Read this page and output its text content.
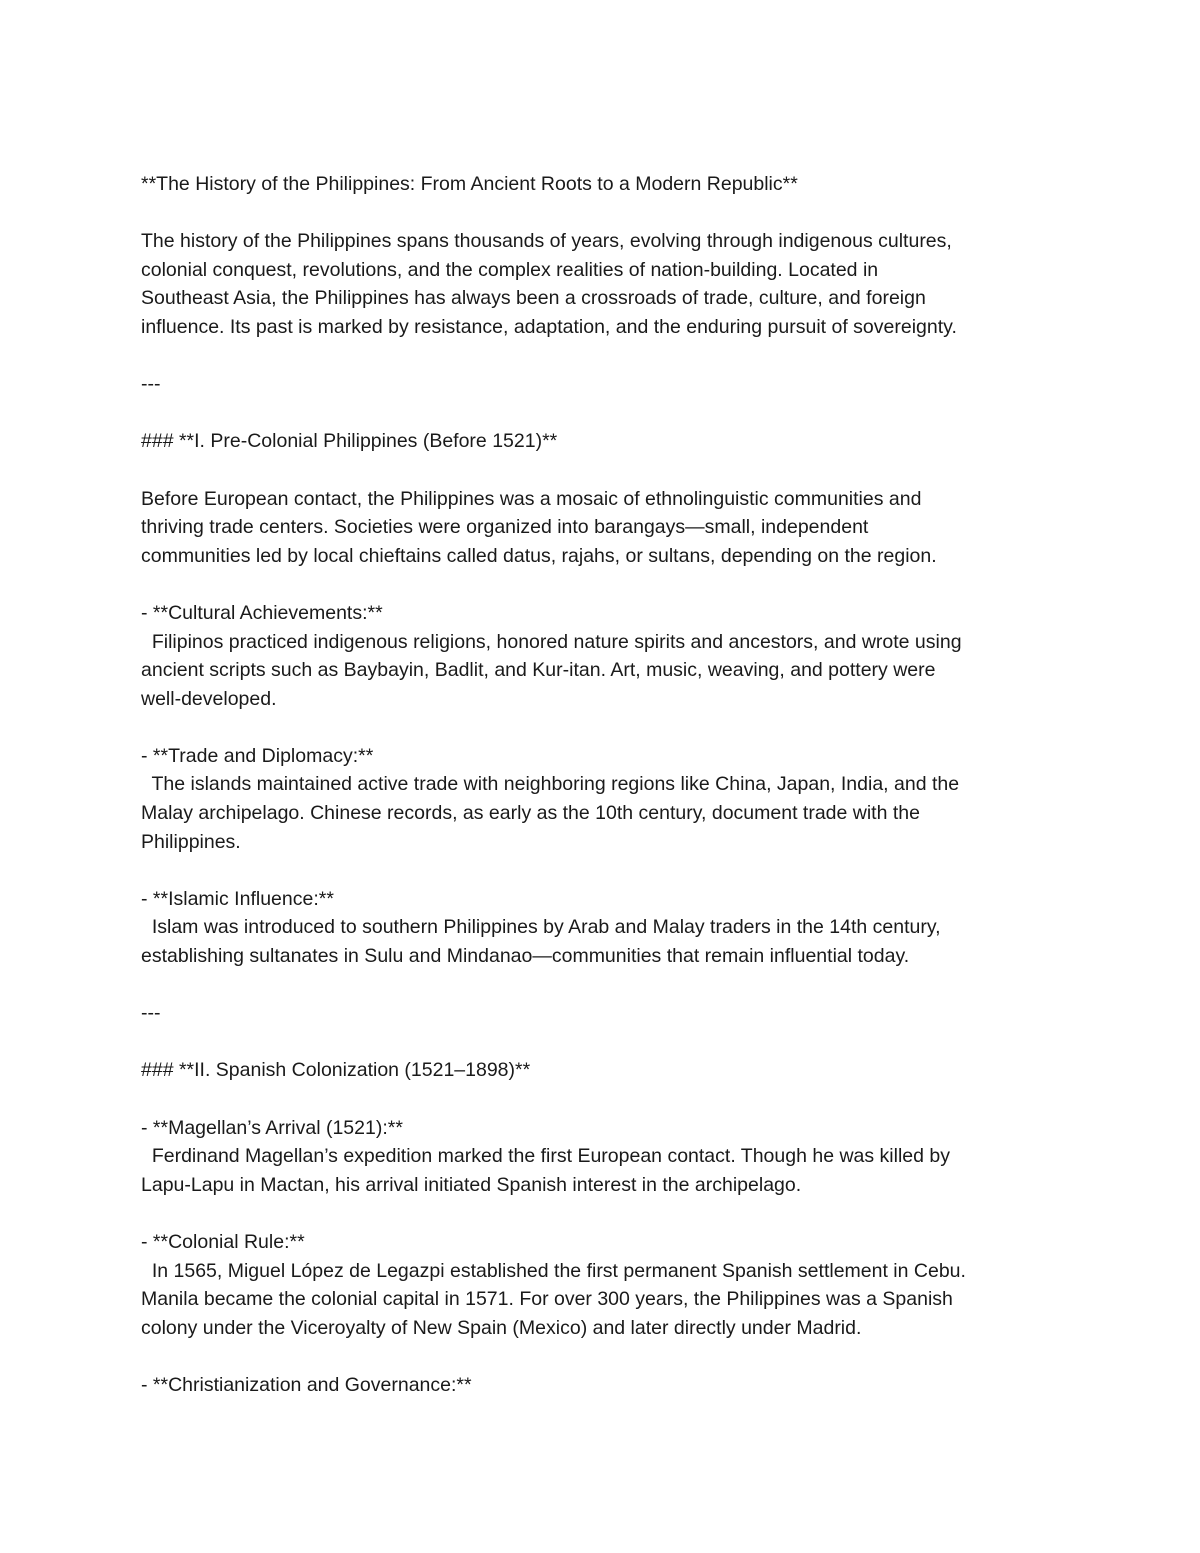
**The History of the Philippines: From Ancient Roots to a Modern Republic**
The history of the Philippines spans thousands of years, evolving through indigenous cultures,
colonial conquest, revolutions, and the complex realities of nation-building. Located in
Southeast Asia, the Philippines has always been a crossroads of trade, culture, and foreign
influence. Its past is marked by resistance, adaptation, and the enduring pursuit of sovereignty.
---
### **I. Pre-Colonial Philippines (Before 1521)**
Before European contact, the Philippines was a mosaic of ethnolinguistic communities and
thriving trade centers. Societies were organized into barangays—small, independent
communities led by local chieftains called datus, rajahs, or sultans, depending on the region.
- **Cultural Achievements:**
Filipinos practiced indigenous religions, honored nature spirits and ancestors, and wrote using
ancient scripts such as Baybayin, Badlit, and Kur-itan. Art, music, weaving, and pottery were
well-developed.
- **Trade and Diplomacy:**
The islands maintained active trade with neighboring regions like China, Japan, India, and the
Malay archipelago. Chinese records, as early as the 10th century, document trade with the
Philippines.
- **Islamic Influence:**
Islam was introduced to southern Philippines by Arab and Malay traders in the 14th century,
establishing sultanates in Sulu and Mindanao—communities that remain influential today.
---
### **II. Spanish Colonization (1521–1898)**
- **Magellan’s Arrival (1521):**
Ferdinand Magellan’s expedition marked the first European contact. Though he was killed by
Lapu-Lapu in Mactan, his arrival initiated Spanish interest in the archipelago.
- **Colonial Rule:**
In 1565, Miguel López de Legazpi established the first permanent Spanish settlement in Cebu.
Manila became the colonial capital in 1571. For over 300 years, the Philippines was a Spanish
colony under the Viceroyalty of New Spain (Mexico) and later directly under Madrid.
- **Christianization and Governance:**
